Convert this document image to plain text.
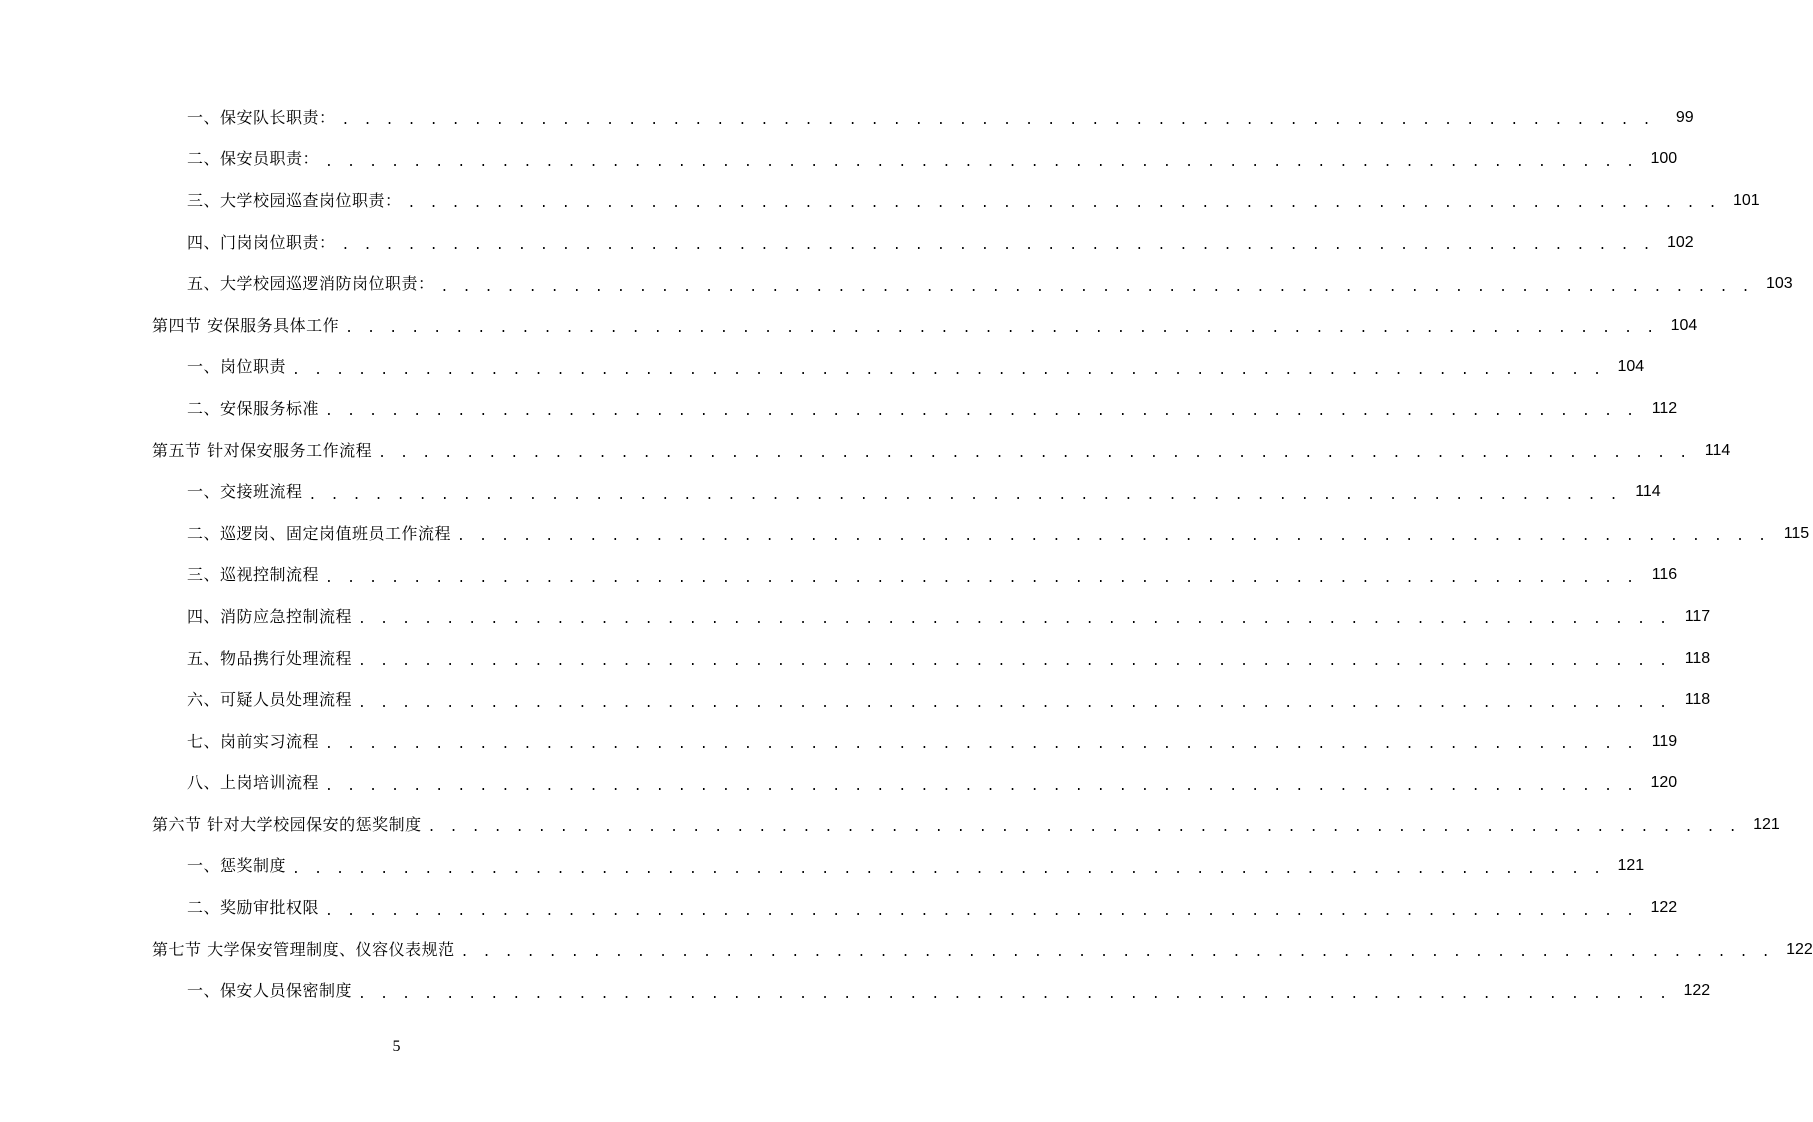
一、保安队长职责： . . . . . . . . . . . . . . . . . . . . . . . . . . . . . . . . . . . . . . . . . . . . . . . . . . . . . . . . . . . .	99
二、保安员职责： . . . . . . . . . . . . . . . . . . . . . . . . . . . . . . . . . . . . . . . . . . . . . . . . . . . . . . . . . . . . 100
三、大学校园巡查岗位职责： . . . . . . . . . . . . . . . . . . . . . . . . . . . . . . . . . . . . . . . . . . . . . . . . . . . . . . . . . . . . 101
四、门岗岗位职责： . . . . . . . . . . . . . . . . . . . . . . . . . . . . . . . . . . . . . . . . . . . . . . . . . . . . . . . . . . . . 102
五、大学校园巡逻消防岗位职责： . . . . . . . . . . . . . . . . . . . . . . . . . . . . . . . . . . . . . . . . . . . . . . . . . . . . . . . . . . . . 103
第四节 安保服务具体工作 . . . . . . . . . . . . . . . . . . . . . . . . . . . . . . . . . . . . . . . . . . . . . . . . . . . . . . . . . . . . 104
一、岗位职责 . . . . . . . . . . . . . . . . . . . . . . . . . . . . . . . . . . . . . . . . . . . . . . . . . . . . . . . . . . . . 104
二、安保服务标准 . . . . . . . . . . . . . . . . . . . . . . . . . . . . . . . . . . . . . . . . . . . . . . . . . . . . . . . . . . . . 112
第五节 针对保安服务工作流程 . . . . . . . . . . . . . . . . . . . . . . . . . . . . . . . . . . . . . . . . . . . . . . . . . . . . . . . . . . . . 114
一、交接班流程 . . . . . . . . . . . . . . . . . . . . . . . . . . . . . . . . . . . . . . . . . . . . . . . . . . . . . . . . . . . . 114
二、巡逻岗、固定岗值班员工作流程 . . . . . . . . . . . . . . . . . . . . . . . . . . . . . . . . . . . . . . . . . . . . . . . . . . . . . . . . . . . . 115
三、巡视控制流程 . . . . . . . . . . . . . . . . . . . . . . . . . . . . . . . . . . . . . . . . . . . . . . . . . . . . . . . . . . . . 116
四、消防应急控制流程 . . . . . . . . . . . . . . . . . . . . . . . . . . . . . . . . . . . . . . . . . . . . . . . . . . . . . . . . . . . . 117
五、物品携行处理流程 . . . . . . . . . . . . . . . . . . . . . . . . . . . . . . . . . . . . . . . . . . . . . . . . . . . . . . . . . . . . 118
六、可疑人员处理流程 . . . . . . . . . . . . . . . . . . . . . . . . . . . . . . . . . . . . . . . . . . . . . . . . . . . . . . . . . . . . 118
七、岗前实习流程 . . . . . . . . . . . . . . . . . . . . . . . . . . . . . . . . . . . . . . . . . . . . . . . . . . . . . . . . . . . . 119
八、上岗培训流程 . . . . . . . . . . . . . . . . . . . . . . . . . . . . . . . . . . . . . . . . . . . . . . . . . . . . . . . . . . . . 120
第六节 针对大学校园保安的惩奖制度 . . . . . . . . . . . . . . . . . . . . . . . . . . . . . . . . . . . . . . . . . . . . . . . . . . . . . . . . . . . . 121
一、惩奖制度 . . . . . . . . . . . . . . . . . . . . . . . . . . . . . . . . . . . . . . . . . . . . . . . . . . . . . . . . . . . . 121
二、奖励审批权限 . . . . . . . . . . . . . . . . . . . . . . . . . . . . . . . . . . . . . . . . . . . . . . . . . . . . . . . . . . . . 122
第七节 大学保安管理制度、仪容仪表规范 . . . . . . . . . . . . . . . . . . . . . . . . . . . . . . . . . . . . . . . . . . . . . . . . . . . . . . . . . . . . 122
一、保安人员保密制度 . . . . . . . . . . . . . . . . . . . . . . . . . . . . . . . . . . . . . . . . . . . . . . . . . . . . . . . . . . . . 122
5
